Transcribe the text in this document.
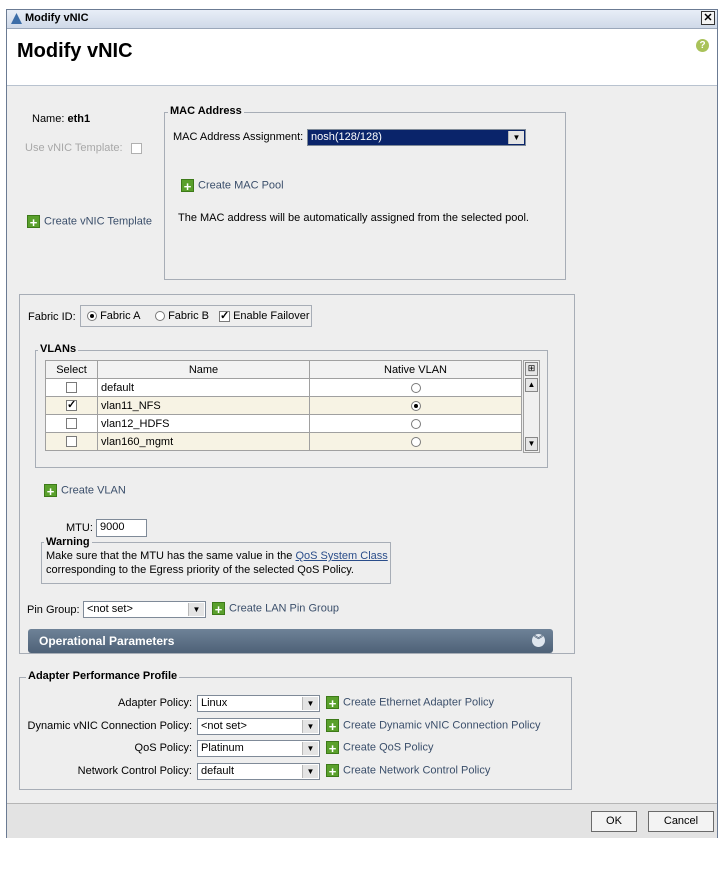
Modify vNIC	✕
Modify vNIC	?
Name: eth1
Use vNIC Template:
+ Create vNIC Template
MAC Address
MAC Address Assignment: nosh(128/128)	▼
+ Create MAC Pool
The MAC address will be automatically assigned from the selected pool.
Fabric ID:	Fabric A	Fabric B ✓	Enable Failover
VLANs
Select	Name	Native VLAN
	default	
✓	vlan11_NFS	
	vlan12_HDFS	
	vlan160_mgmt	
⊞
▲
▼
+ Create VLAN
MTU: 9000
Warning
Make sure that the MTU has the same value in the QoS System Class
corresponding to the Egress priority of the selected QoS Policy.
Pin Group: <not set>	▼ + Create LAN Pin Group
Operational Parameters	︾
Adapter Performance Profile
Adapter Policy: Linux	▼ + Create Ethernet Adapter Policy
Dynamic vNIC Connection Policy: <not set>	▼ + Create Dynamic vNIC Connection Policy
QoS Policy: Platinum	▼ + Create QoS Policy
Network Control Policy: default	▼ + Create Network Control Policy
OK	Cancel
